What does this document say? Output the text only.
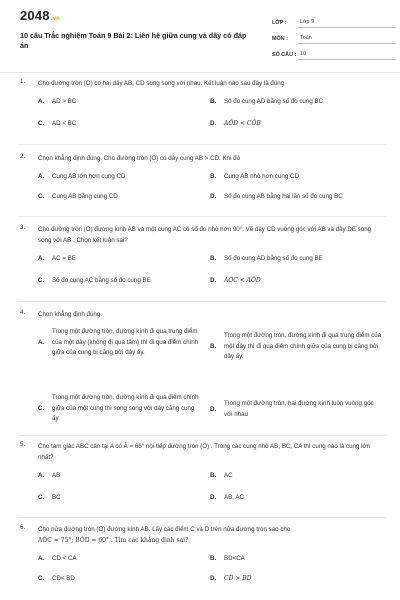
2048.vn
10 câu Trắc nghiệm Toán 9 Bài 2: Liên hệ giữa cung và dây có đáp án
LỚP :	Lớp 9
MÔN :	Toán
SỐ CÂU : 10
1. Cho đường tròn (O) có hai dây AB, CD song song với nhau. Kết luận nào sau đây là đúng
A.	AD > BC	B.	Số đo cung AD bằng số đo cung BC
C.	AD < BC	D.	AÔD < CÔB
2. Chọn khẳng định đúng. Cho đường tròn (O) có dây cung AB > CD. Khi đó
A.	Cung AB lớn hơn cung CD	B.	Cung AB nhỏ hơn cung CD
C.	Cung AB bằng cung CD	D.	Số đo cung AB bằng hai lần số đo cung BC
3. Cho đường tròn (O) đường kính AB và một cung AC có số đo nhỏ hơn 90°. Vẽ dây CD vuông góc với AB và dây DE song song với AB . Chọn kết luận sai?
A.	AC = BE	B.	Số đo cung AD bằng số đo cung BE
C.	Số đo cung AC bằng số đo cung BE	D.	AÔC < AÔD
4. Chọn khẳng định đúng.
A.
Trong một đường tròn, đường kính đi qua trung điểm của một dây (không đi qua tâm) thì đi qua điểm chính giữa của cung bị căng bởi dây ấy.
B.
Trong một đường tròn, đường kính đi qua trung điểm của một dây thì đi qua điểm chính giữa của cung bị căng bởi dây ấy.
C.
Trong một đường tròn, đường kính đi qua điểm chính giữa của một cung thì song song với dây căng cung ấy
D.
Trong một đường tròn, hai đường kính luôn vuông góc với nhau
5. Cho tam giác ABC cân tại A có Â = 66° nội tiếp đường tròn (O) . Trong các cung nhỏ AB, BC, CA thì cung nào là cung lớn nhất?
A.	AB	B.	AC
C.	BC	D.	AB, AC
6. Cho nửa đường tròn (O) đường kính AB. Lấy các điểm C và D trên nửa đường tròn sao cho
AÔC = 75°; BÔD = 60° . Tìm các khẳng định sai?
A.	CD < CA	B.	BD<CA
C.	CD< BD	D.	CD > BD
